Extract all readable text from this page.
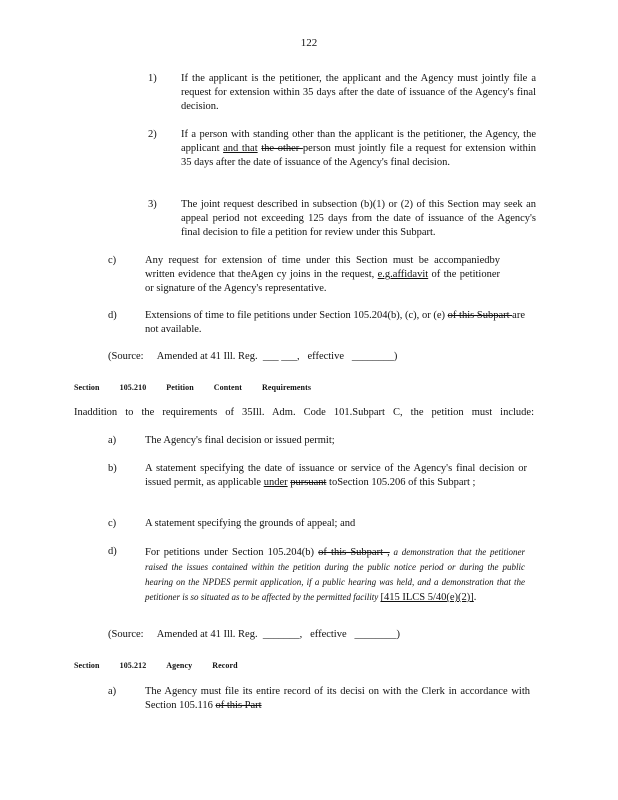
122
1) If the applicant is the petitioner, the applicant and the Agency must jointly file a request for extension within 35 days after the date of issuance of the Agency's final decision.
2) If a person with standing other than the applicant is the petitioner, the Agency, the applicant and that the other person must jointly file a request for extension within 35 days after the date of issuance of the Agency's final decision.
3) The joint request described in subsection (b)(1) or (2) of this Section may seek an appeal period not exceeding 125 days from the date of issuance of the Agency's final decision to file a petition for review under this Subpart.
c)	Any request for extension of time under this Section must be accompaniedby written evidence that theAgen cy joins in the request, e.g.affidavit of the petitioner or signature of the Agency's representative.
d)	Extensions of time to file petitions under Section 105.204(b), (c), or (e) of this Subpart are not available.
(Source: Amended at 41 Ill. Reg. ___ ___,   effective ________)
Section	105.210	Petition	Content	Requirements
Inaddition to the requirements of 35Ill. Adm. Code 101.Subpart C, the petition must include:
a)	The Agency's final decision or issued permit;
b)	A statement specifying the date of issuance or service of the Agency's final decision or issued permit, as applicable under pursuant toSection 105.206 of this Subpart ;
c)	A statement specifying the grounds of appeal; and
d)	For petitions under Section 105.204(b) of this Subpart , a demonstration that the petitioner raised the issues contained within the petition during the public notice period or during the public hearing on the NPDES permit application, if a public hearing was held, and a demonstration that the petitioner is so situated as to be affected by the permitted facility [415 ILCS 5/40(e)(2)].
(Source: Amended at 41 Ill. Reg. _______, effective ________)
Section	105.212	Agency	Record
a)	The Agency must file its entire record of its decisi on with the Clerk in accordance with Section 105.116 of this Part
